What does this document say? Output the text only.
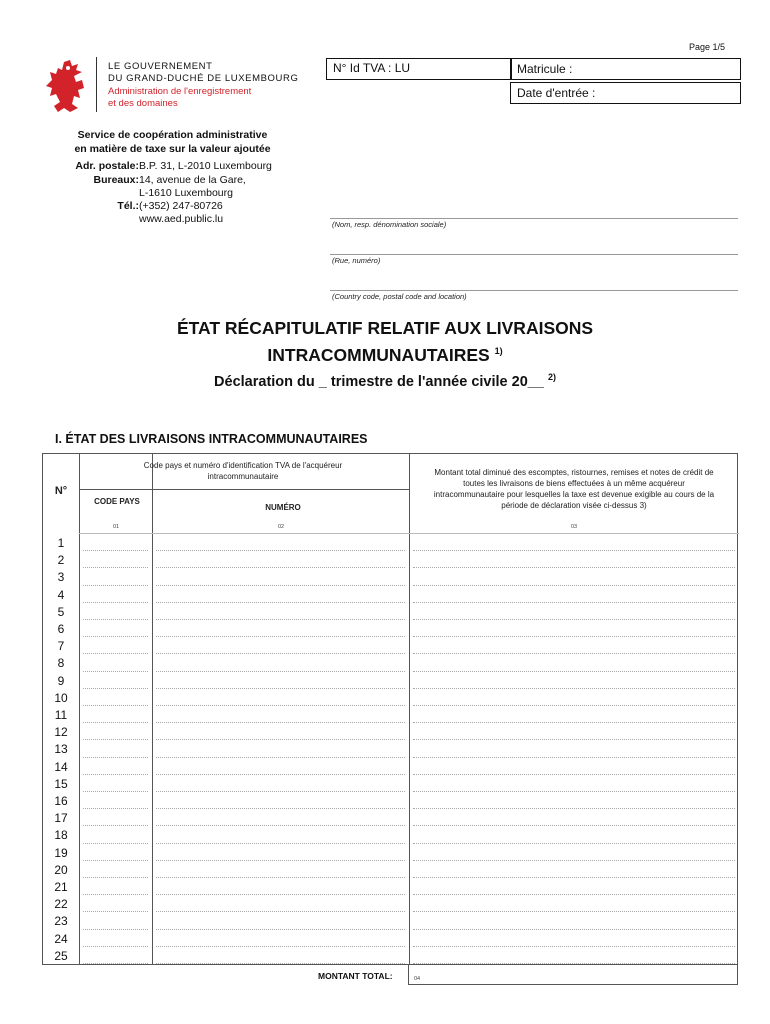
Page 1/5
LE GOUVERNEMENT
DU GRAND-DUCHÉ DE LUXEMBOURG
Administration de l'enregistrement
et des domaines
N° Id TVA : LU	Matricule :
Date d'entrée :
Service de coopération administrative
en matière de taxe sur la valeur ajoutée
Adr. postale: B.P. 31, L-2010 Luxembourg
Bureaux: 14, avenue de la Gare,
L-1610 Luxembourg
Tél.: (+352) 247-80726
www.aed.public.lu	(Nom, resp. dénomination sociale)
(Rue, numéro)
(Country code, postal code and location)
ÉTAT RÉCAPITULATIF RELATIF AUX LIVRAISONS
INTRACOMMUNAUTAIRES $^{1)}$
Déclaration du _ trimestre de l'année civile 20__ $^{2)}$
I. ÉTAT DES LIVRAISONS INTRACOMMUNAUTAIRES
N°
Code pays et numéro d'identification TVA de l'acquéreur intracommunautaire
CODE PAYS
NUMÉRO
Montant total diminué des escomptes, ristournes, remises et notes de crédit de toutes les livraisons de biens effectuées à un même acquéreur intracommunautaire pour lesquelles la taxe est devenue exigible au cours de la période de déclaration visée ci-dessus 3)
01	02	03
1
2
3
4
5
6
7
8
9
10
11
12
13
14
15
16
17
18
19
20
21
22
23
24
25
MONTANT TOTAL:	04
